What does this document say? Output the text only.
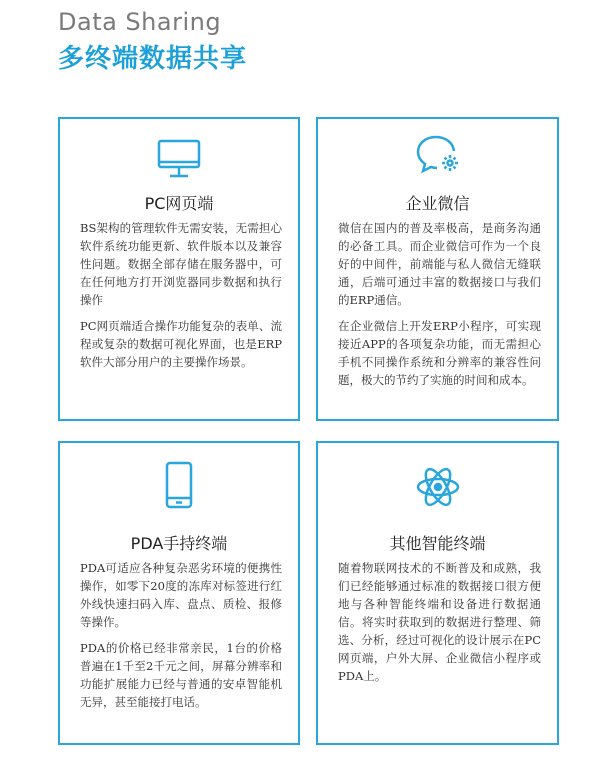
Data Sharing
多终端数据共享
PC网页端

BS架构的管理软件无需安装，无需担心软件系统功能更新、软件版本以及兼容性问题。数据全部存储在服务器中，可在任何地方打开浏览器同步数据和执行操作

PC网页端适合操作功能复杂的表单、流程或复杂的数据可视化界面，也是ERP软件大部分用户的主要操作场景。

企业微信

微信在国内的普及率极高，是商务沟通的必备工具。而企业微信可作为一个良好的中间件，前端能与私人微信无缝联通，后端可通过丰富的数据接口与我们的ERP通信。

在企业微信上开发ERP小程序，可实现接近APP的各项复杂功能，而无需担心手机不同操作系统和分辨率的兼容性问题，极大的节约了实施的时间和成本。

PDA手持终端

PDA可适应各种复杂恶劣环境的便携性操作，如零下20度的冻库对标签进行红外线快速扫码入库、盘点、质检、报修等操作。

PDA的价格已经非常亲民，1台的价格普遍在1千至2千元之间，屏幕分辨率和功能扩展能力已经与普通的安卓智能机无异，甚至能接打电话。

其他智能终端

随着物联网技术的不断普及和成熟，我们已经能够通过标准的数据接口很方便地与各种智能终端和设备进行数据通信。将实时获取到的数据进行整理、筛选、分析，经过可视化的设计展示在PC网页端，户外大屏、企业微信小程序或PDA上。
